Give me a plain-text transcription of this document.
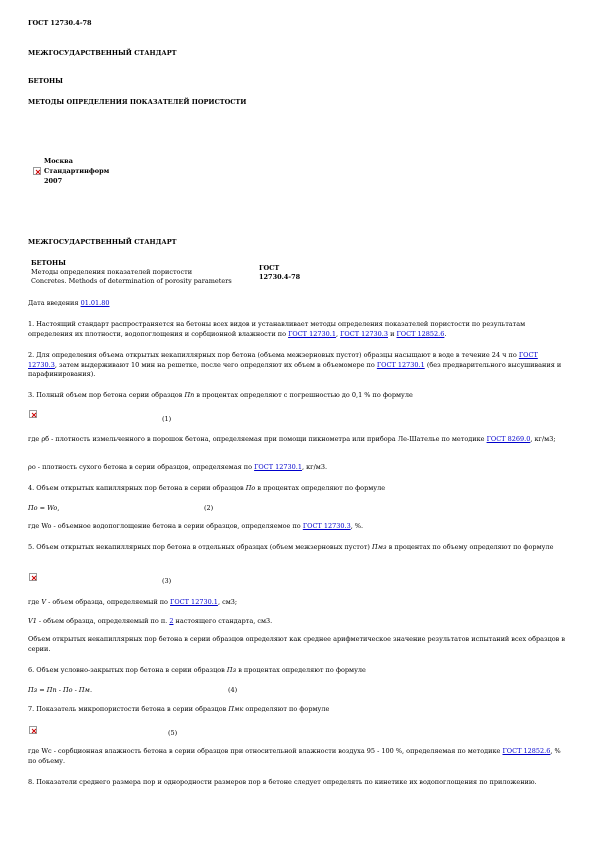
ГОСТ 12730.4-78
МЕЖГОСУДАРСТВЕННЫЙ СТАНДАРТ
БЕТОНЫ
МЕТОДЫ ОПРЕДЕЛЕНИЯ ПОКАЗАТЕЛЕЙ ПОРИСТОСТИ
Москва
Стандартинформ
2007
МЕЖГОСУДАРСТВЕННЫЙ СТАНДАРТ
БЕТОНЫ
Методы определения показателей пористости
Concretes. Methods of determination of porosity parameters
ГОСТ
12730.4-78
Дата введения 01.01.80
1. Настоящий стандарт распространяется на бетоны всех видов и устанавливает методы определения показателей пористости по результатам определения их плотности, водопоглощения и сорбционной влажности по ГОСТ 12730.1, ГОСТ 12730.3 и ГОСТ 12852.6.
2. Для определения объема открытых некапиллярных пор бетона (объема межзерновых пустот) образцы насыщают в воде в течение 24 ч по ГОСТ 12730.3, затем выдерживают 10 мин на решетке, после чего определяют их объем в объемомере по ГОСТ 12730.1 (без предварительного высушивания и парафинирования).
3. Полный объем пор бетона серии образцов Пп в процентах определяют с погрешностью до 0,1 % по формуле
(1)
где ρб - плотность измельченного в порошок бетона, определяемая при помощи пикнометра или прибора Ле-Шателье по методике ГОСТ 8269.0, кг/м3;
ρo - плотность сухого бетона в серии образцов, определяемая по ГОСТ 12730.1, кг/м3.
4. Объем открытых капиллярных пор бетона в серии образцов По в процентах определяют по формуле
По = Wo,	(2)
где Wo - объемное водопоглощение бетона в серии образцов, определяемое по ГОСТ 12730.3, %.
5. Объем открытых некапиллярных пор бетона в отдельных образцах (объем межзерновых пустот) Пмз в процентах по объему определяют по формуле
(3)
где V - объем образца, определяемый по ГОСТ 12730.1, см3;
V1 - объем образца, определяемый по п. 2 настоящего стандарта, см3.
Объем открытых некапиллярных пор бетона в серии образцов определяют как среднее арифметическое значение результатов испытаний всех образцов в серии.
6. Объем условно-закрытых пор бетона в серии образцов Пз в процентах определяют по формуле
Пз = Пп - По - Пм.	(4)
7. Показатель микропористости бетона в серии образцов Пмк определяют по формуле
(5)
где Wс - сорбционная влажность бетона в серии образцов при относительной влажности воздуха 95 - 100 %, определяемая по методике ГОСТ 12852.6, % по объему.
8. Показатели среднего размера пор и однородности размеров пор в бетоне следует определять по кинетике их водопоглощения по приложению.
